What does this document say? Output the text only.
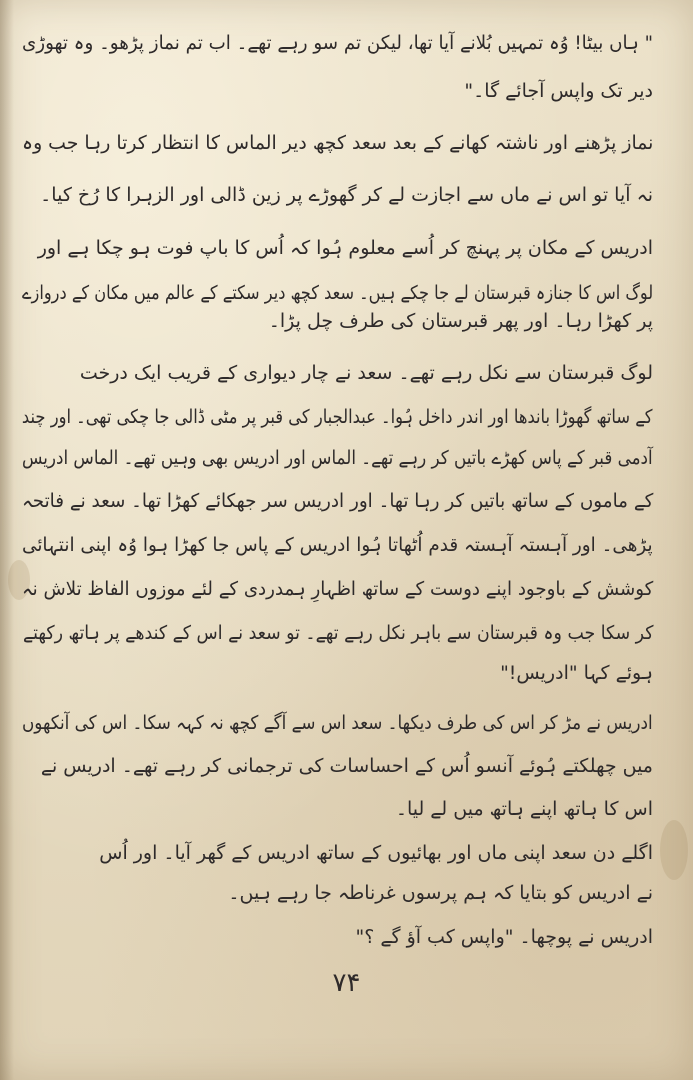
" ہاں بیٹا! وُہ تمہیں بُلانے آیا تھا، لیکن تم سو رہے تھے۔ اب تم نماز پڑھو۔ وہ تھوڑی
دیر تک واپس آجائے گا۔"
نماز پڑھنے اور ناشتہ کھانے کے بعد سعد کچھ دیر الماس کا انتظار کرتا رہا جب وہ
نہ آیا تو اس نے ماں سے اجازت لے کر گھوڑے پر زین ڈالی اور الزہرا کا رُخ کیا۔
ادریس کے مکان پر پہنچ کر اُسے معلوم ہُوا کہ اُس کا باپ فوت ہو چکا ہے اور
لوگ اس کا جنازہ قبرستان لے جا چکے ہیں۔ سعد کچھ دیر سکتے کے عالم میں مکان کے دروازے
پر کھڑا رہا۔ اور پھر قبرستان کی طرف چل پڑا۔
لوگ قبرستان سے نکل رہے تھے۔ سعد نے چار دیواری کے قریب ایک درخت
کے ساتھ گھوڑا باندھا اور اندر داخل ہُوا۔ عبدالجبار کی قبر پر مٹی ڈالی جا چکی تھی۔ اور چند
آدمی قبر کے پاس کھڑے باتیں کر رہے تھے۔ الماس اور ادریس بھی وہیں تھے۔ الماس ادریس
کے ماموں کے ساتھ باتیں کر رہا تھا۔ اور ادریس سر جھکائے کھڑا تھا۔ سعد نے فاتحہ
پڑھی۔ اور آہستہ آہستہ قدم اُٹھاتا ہُوا ادریس کے پاس جا کھڑا ہوا وُہ اپنی انتہائی
کوشش کے باوجود اپنے دوست کے ساتھ اظہارِ ہمدردی کے لئے موزوں الفاظ تلاش نہ
کر سکا جب وہ قبرستان سے باہر نکل رہے تھے۔ تو سعد نے اس کے کندھے پر ہاتھ رکھتے
ہوئے کہا "ادریس!"
ادریس نے مڑ کر اس کی طرف دیکھا۔ سعد اس سے آگے کچھ نہ کہہ سکا۔ اس کی آنکھوں
میں چھلکتے ہُوئے آنسو اُس کے احساسات کی ترجمانی کر رہے تھے۔ ادریس نے
اس کا ہاتھ اپنے ہاتھ میں لے لیا۔
اگلے دن سعد اپنی ماں اور بھائیوں کے ساتھ ادریس کے گھر آیا۔ اور اُس
نے ادریس کو بتایا کہ ہم پرسوں غرناطہ جا رہے ہیں۔
ادریس نے پوچھا۔ "واپس کب آؤ گے ؟"
۷۴
